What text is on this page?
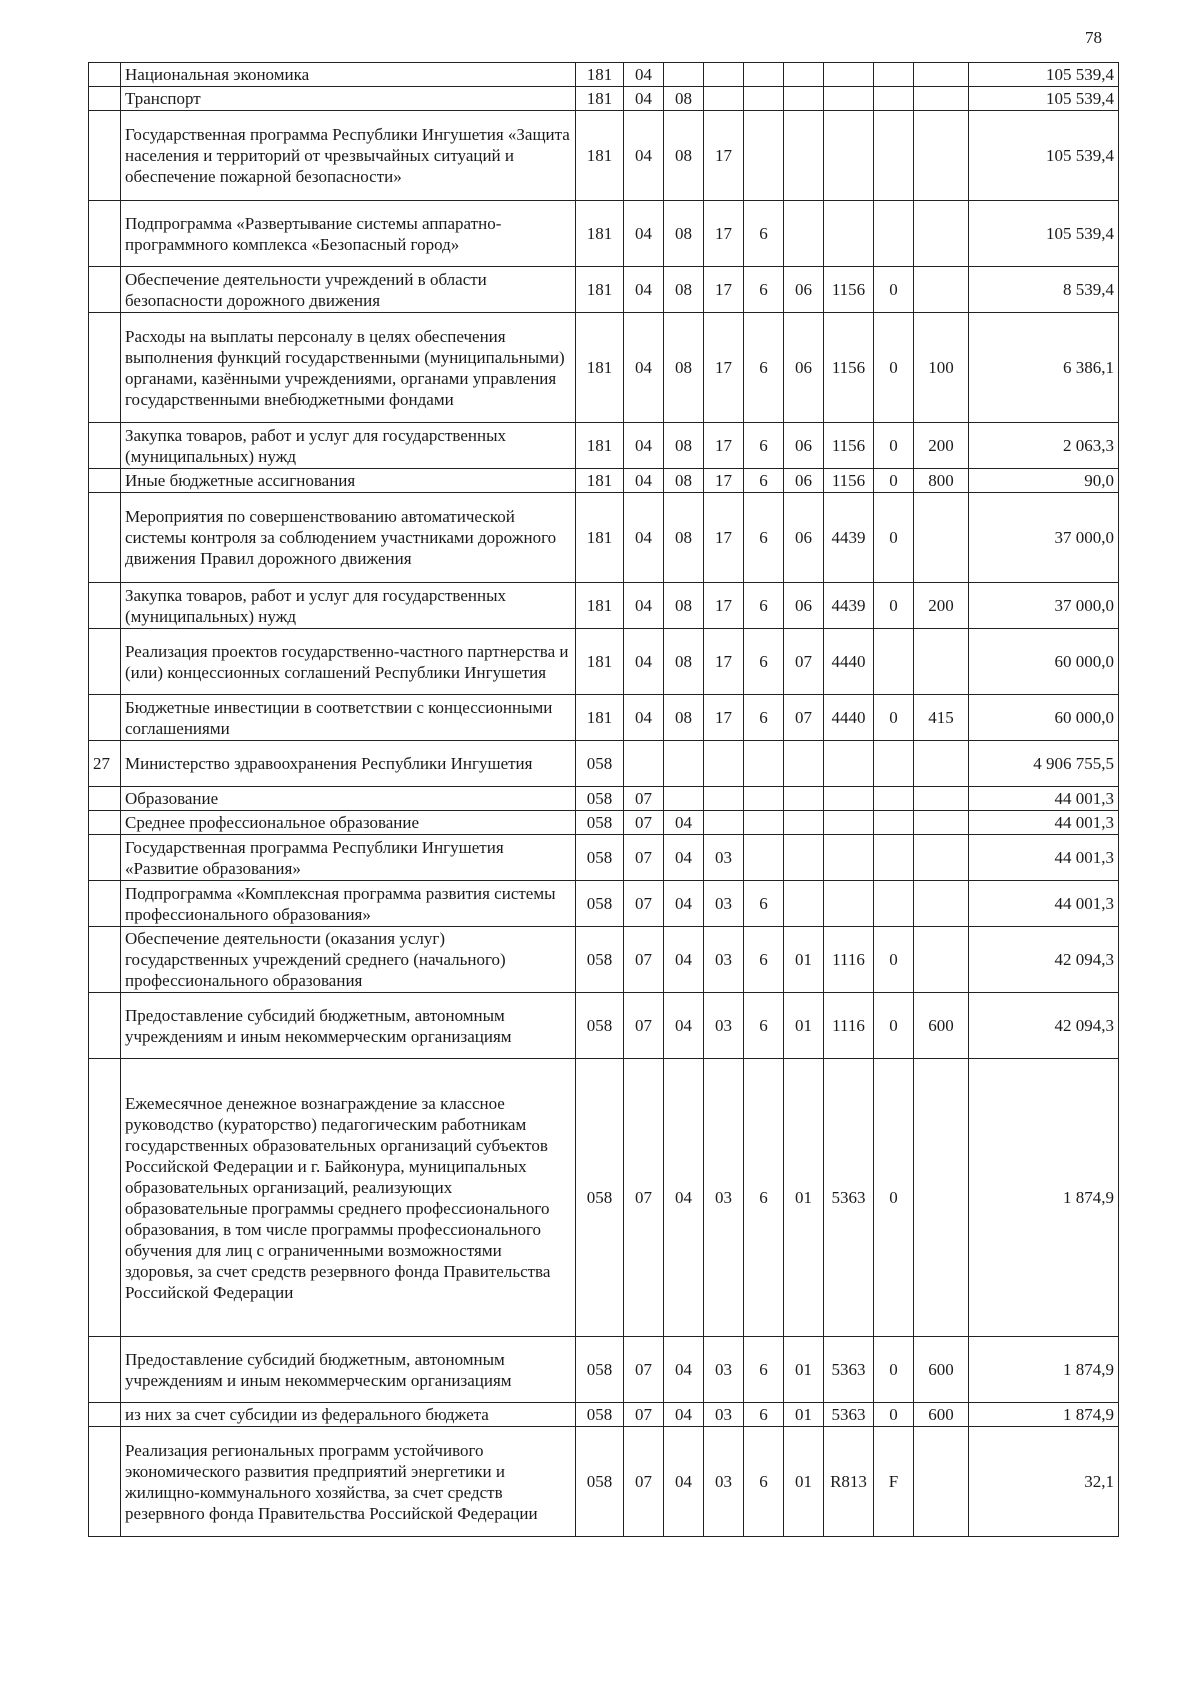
78
	Национальная экономика	181	04								105 539,4
	Транспорт	181	04	08							105 539,4
	Государственная программа Республики Ингушетия «Защита населения и территорий от чрезвычайных ситуаций и обеспечение пожарной безопасности»	181	04	08	17						105 539,4
	Подпрограмма «Развертывание системы аппаратно-программного комплекса «Безопасный город»	181	04	08	17	6					105 539,4
	Обеспечение деятельности учреждений в области безопасности дорожного движения	181	04	08	17	6	06	1156	0		8 539,4
	Расходы на выплаты персоналу в целях обеспечения выполнения функций государственными (муниципальными) органами, казёнными учреждениями, органами управления государственными внебюджетными фондами	181	04	08	17	6	06	1156	0	100	6 386,1
	Закупка товаров, работ и услуг для государственных (муниципальных) нужд	181	04	08	17	6	06	1156	0	200	2 063,3
	Иные бюджетные ассигнования	181	04	08	17	6	06	1156	0	800	90,0
	Мероприятия по совершенствованию автоматической системы контроля за соблюдением участниками дорожного движения Правил дорожного движения	181	04	08	17	6	06	4439	0		37 000,0
	Закупка товаров, работ и услуг для государственных (муниципальных) нужд	181	04	08	17	6	06	4439	0	200	37 000,0
	Реализация проектов государственно-частного партнерства и (или) концессионных соглашений Республики Ингушетия	181	04	08	17	6	07	4440			60 000,0
	Бюджетные инвестиции в соответствии с концессионными соглашениями	181	04	08	17	6	07	4440	0	415	60 000,0
27	Министерство здравоохранения Республики Ингушетия	058									4 906 755,5
	Образование	058	07								44 001,3
	Среднее профессиональное образование	058	07	04							44 001,3
	Государственная программа Республики Ингушетия «Развитие образования»	058	07	04	03						44 001,3
	Подпрограмма «Комплексная программа развития системы профессионального образования»	058	07	04	03	6					44 001,3
	Обеспечение деятельности (оказания услуг) государственных учреждений среднего (начального) профессионального образования	058	07	04	03	6	01	1116	0		42 094,3
	Предоставление субсидий бюджетным, автономным учреждениям и иным некоммерческим организациям	058	07	04	03	6	01	1116	0	600	42 094,3
	Ежемесячное денежное вознаграждение за классное руководство (кураторство) педагогическим работникам государственных образовательных организаций субъектов Российской Федерации и г. Байконура, муниципальных образовательных организаций, реализующих образовательные программы среднего профессионального образования, в том числе программы профессионального обучения для лиц с ограниченными возможностями здоровья, за счет средств резервного фонда Правительства Российской Федерации	058	07	04	03	6	01	5363	0		1 874,9
	Предоставление субсидий бюджетным, автономным учреждениям и иным некоммерческим организациям	058	07	04	03	6	01	5363	0	600	1 874,9
	из них за счет субсидии из федерального бюджета	058	07	04	03	6	01	5363	0	600	1 874,9
	Реализация региональных программ устойчивого экономического развития предприятий энергетики и жилищно-коммунального хозяйства, за счет средств резервного фонда Правительства Российской Федерации	058	07	04	03	6	01	R813	F		32,1
